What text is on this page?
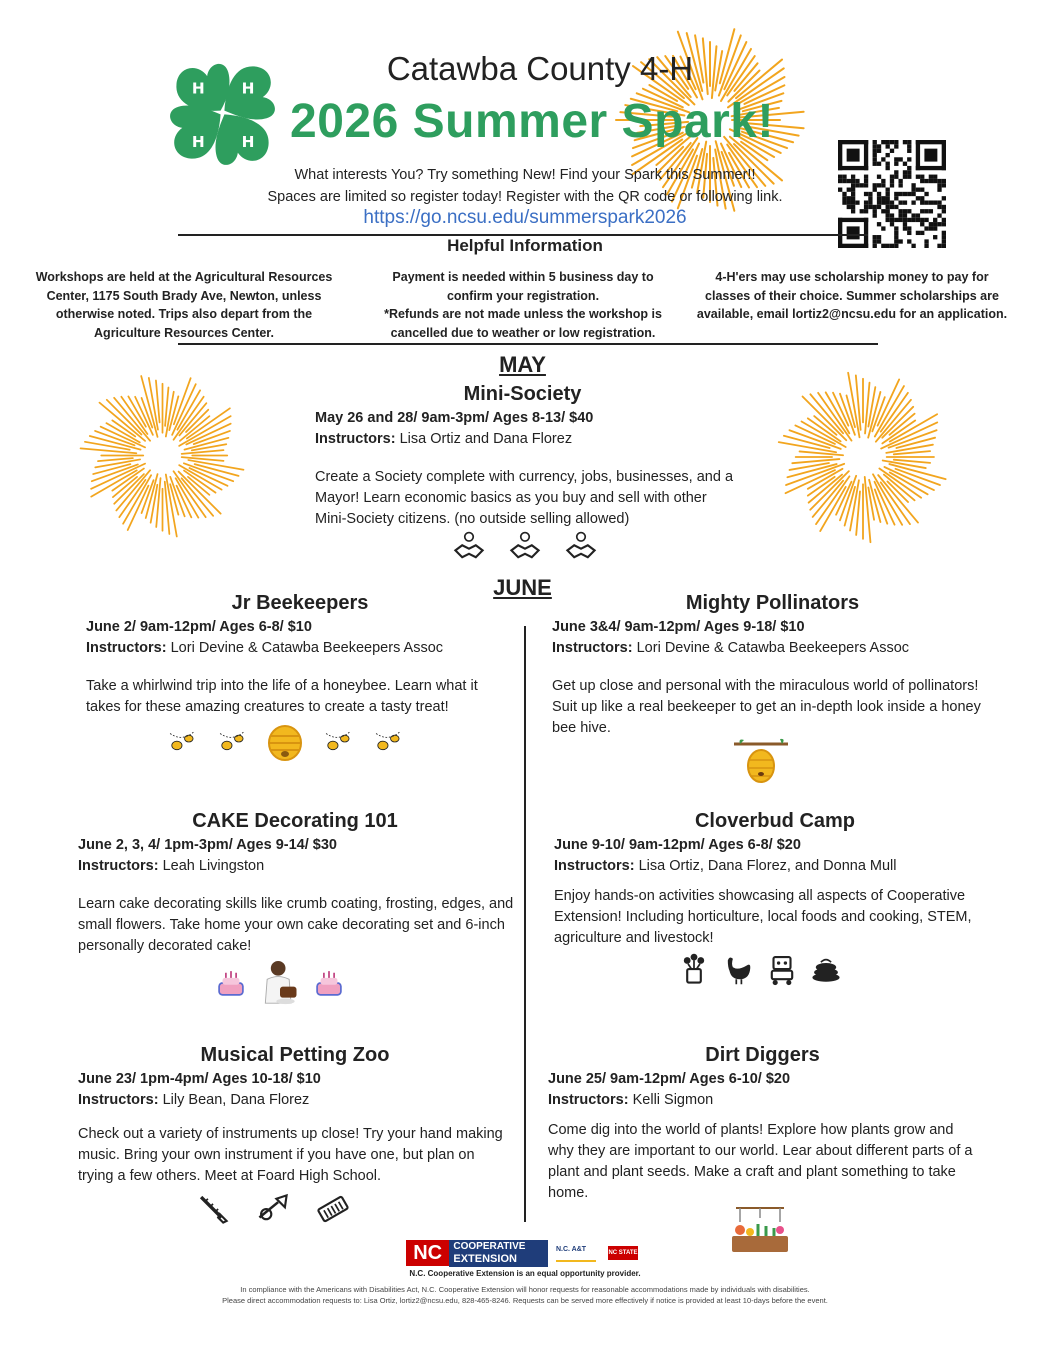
H H
H H
Catawba County 4-H
2026 Summer Spark!
What interests You? Try something New! Find your Spark this Summer!!
Spaces are limited so register today! Register with the QR code or following link.
https://go.ncsu.edu/summerspark2026
Helpful Information
Workshops are held at the Agricultural Resources Center, 1175 South Brady Ave, Newton, unless otherwise noted. Trips also depart from the Agriculture Resources Center.
Payment is needed within 5 business day to confirm your registration.
*Refunds are not made unless the workshop is cancelled due to weather or low registration.
4-H'ers may use scholarship money to pay for classes of their choice. Summer scholarships are available, email lortiz2@ncsu.edu for an application.
MAY
Mini-Society
May 26 and 28/ 9am-3pm/ Ages 8-13/ $40
Instructors: Lisa Ortiz and Dana Florez
Create a Society complete with currency, jobs, businesses, and a Mayor! Learn economic basics as you buy and sell with other Mini-Society citizens. (no outside selling allowed)
JUNE
Jr Beekeepers
June 2/ 9am-12pm/ Ages 6-8/ $10
Instructors: Lori Devine & Catawba Beekeepers Assoc
Take a whirlwind trip into the life of a honeybee. Learn what it takes for these amazing creatures to create a tasty treat!
Mighty Pollinators
June 3&4/ 9am-12pm/ Ages 9-18/ $10
Instructors: Lori Devine & Catawba Beekeepers Assoc
Get up close and personal with the miraculous world of pollinators! Suit up like a real beekeeper to get an in-depth look inside a honey bee hive.
CAKE Decorating 101
June 2, 3, 4/ 1pm-3pm/ Ages 9-14/ $30
Instructors: Leah Livingston
Learn cake decorating skills like crumb coating, frosting, edges, and small flowers. Take home your own cake decorating set and 6-inch personally decorated cake!
Cloverbud Camp
June 9-10/ 9am-12pm/ Ages 6-8/ $20
Instructors: Lisa Ortiz, Dana Florez, and Donna Mull
Enjoy hands-on activities showcasing all aspects of Cooperative Extension! Including horticulture, local foods and cooking, STEM, agriculture and livestock!
Musical Petting Zoo
June 23/ 1pm-4pm/ Ages 10-18/ $10
Instructors: Lily Bean, Dana Florez
Check out a variety of instruments up close! Try your hand making music. Bring your own instrument if you have one, but plan on trying a few others. Meet at Foard High School.
Dirt Diggers
June 25/ 9am-12pm/ Ages 6-10/ $20
Instructors: Kelli Sigmon
Come dig into the world of plants! Explore how plants grow and why they are important to our world. Lear about different parts of a plant and plant seeds. Make a craft and plant something to take home.
NC	COOPERATIVE
EXTENSION
N.C. A&T	NC STATE
N.C. Cooperative Extension is an equal opportunity provider.
In compliance with the Americans with Disabilities Act, N.C. Cooperative Extension will honor requests for reasonable accommodations made by individuals with disabilities.
Please direct accommodation requests to: Lisa Ortiz, lortiz2@ncsu.edu, 828-465-8246. Requests can be served more effectively if notice is provided at least 10-days before the event.
